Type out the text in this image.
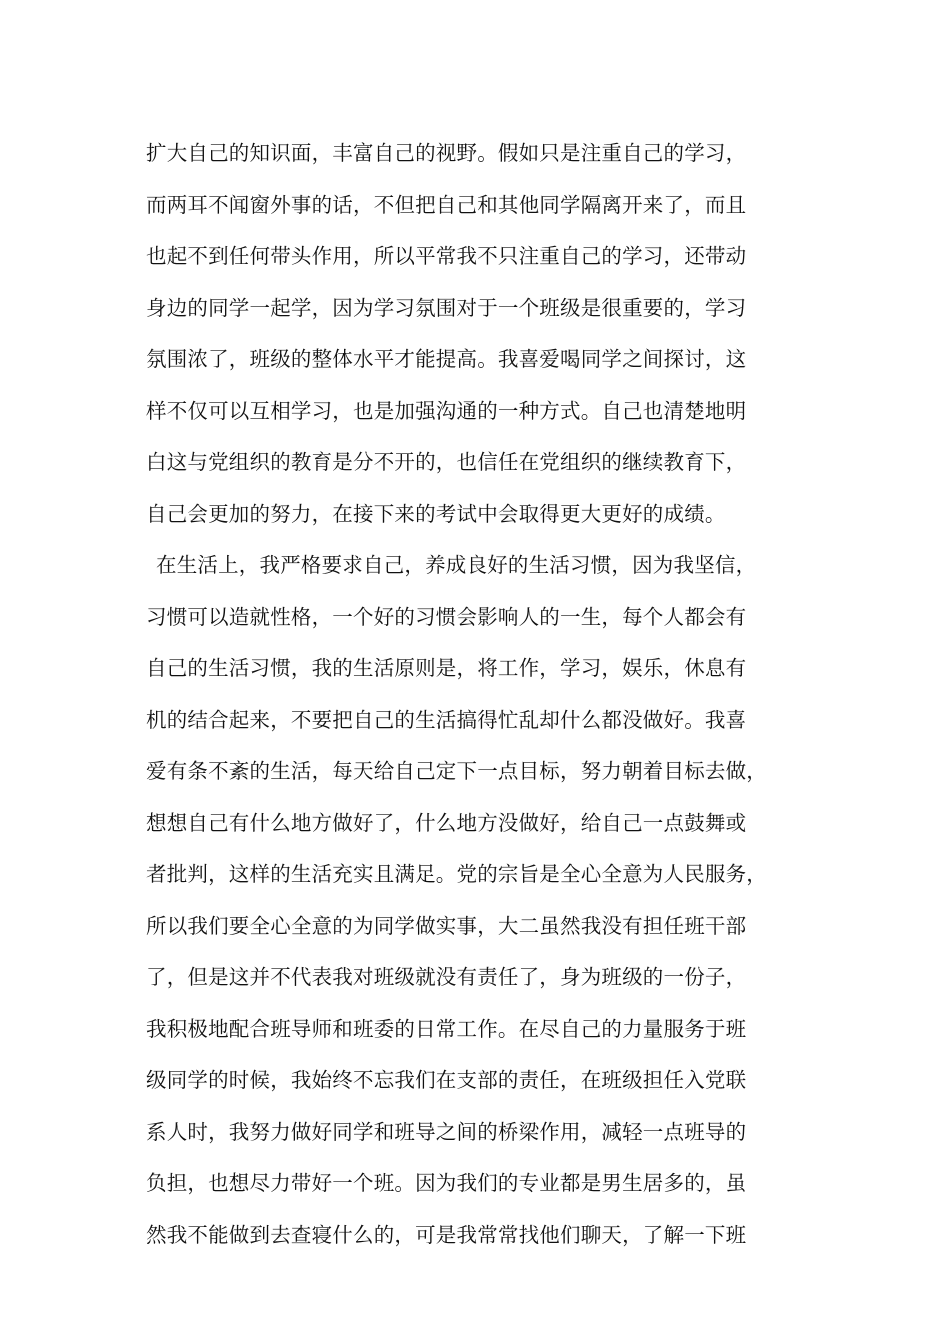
扩大自己的知识面，丰富自己的视野。假如只是注重自己的学习，
而两耳不闻窗外事的话，不但把自己和其他同学隔离开来了，而且
也起不到任何带头作用，所以平常我不只注重自己的学习，还带动
身边的同学一起学，因为学习氛围对于一个班级是很重要的，学习
氛围浓了，班级的整体水平才能提高。我喜爱喝同学之间探讨，这
样不仅可以互相学习，也是加强沟通的一种方式。自己也清楚地明
白这与党组织的教育是分不开的，也信任在党组织的继续教育下，
自己会更加的努力，在接下来的考试中会取得更大更好的成绩。
在生活上，我严格要求自己，养成良好的生活习惯，因为我坚信，
习惯可以造就性格，一个好的习惯会影响人的一生，每个人都会有
自己的生活习惯，我的生活原则是，将工作，学习，娱乐，休息有
机的结合起来，不要把自己的生活搞得忙乱却什么都没做好。我喜
爱有条不紊的生活，每天给自己定下一点目标，努力朝着目标去做，
想想自己有什么地方做好了，什么地方没做好，给自己一点鼓舞或
者批判，这样的生活充实且满足。党的宗旨是全心全意为人民服务，
所以我们要全心全意的为同学做实事，大二虽然我没有担任班干部
了，但是这并不代表我对班级就没有责任了，身为班级的一份子，
我积极地配合班导师和班委的日常工作。在尽自己的力量服务于班
级同学的时候，我始终不忘我们在支部的责任，在班级担任入党联
系人时，我努力做好同学和班导之间的桥梁作用，减轻一点班导的
负担，也想尽力带好一个班。因为我们的专业都是男生居多的，虽
然我不能做到去查寝什么的，可是我常常找他们聊天，了解一下班
